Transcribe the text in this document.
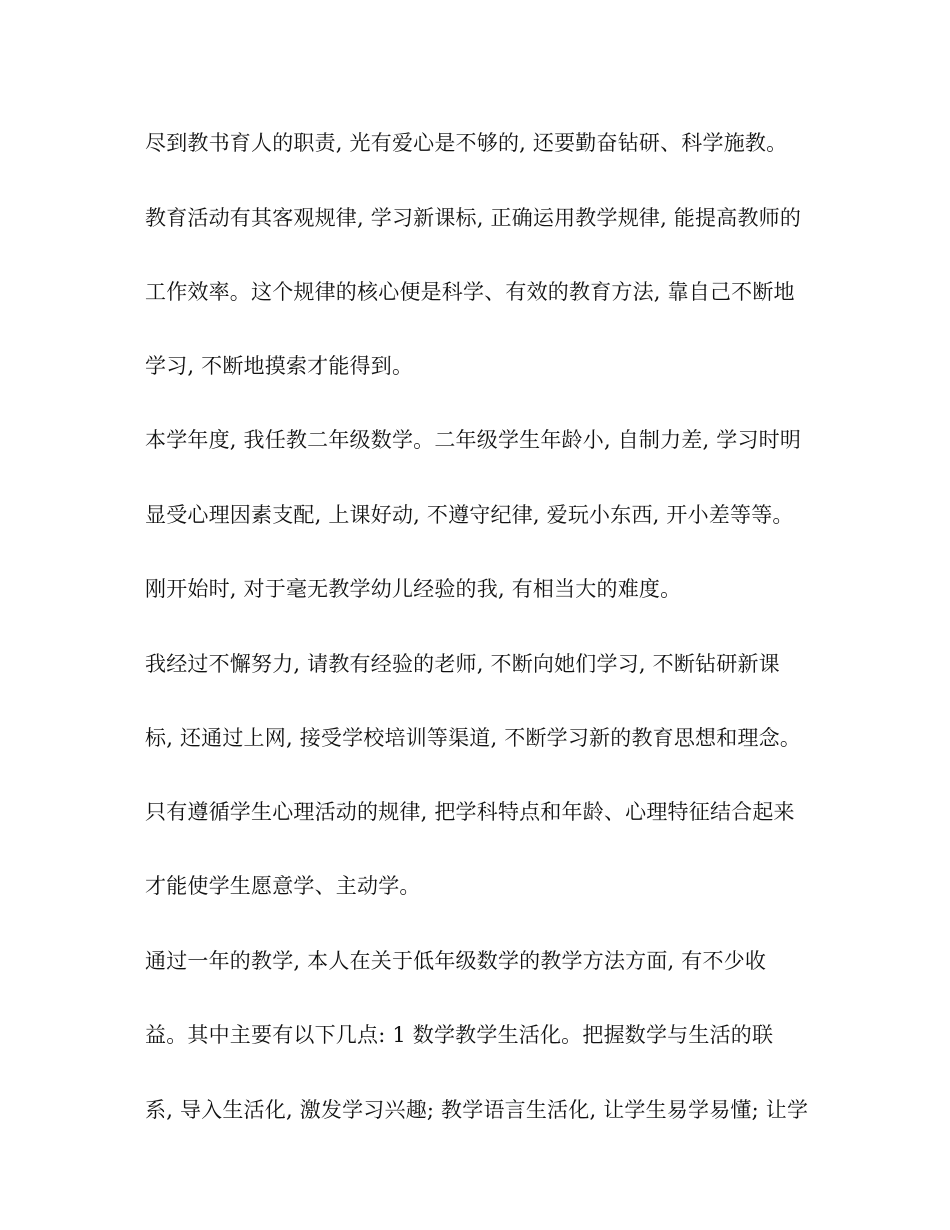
尽到教书育人的职责, 光有爱心是不够的, 还要勤奋钻研、科学施教。

教育活动有其客观规律, 学习新课标, 正确运用教学规律, 能提高教师的

工作效率。这个规律的核心便是科学、有效的教育方法, 靠自己不断地

学习, 不断地摸索才能得到。

本学年度, 我任教二年级数学。二年级学生年龄小, 自制力差, 学习时明

显受心理因素支配, 上课好动, 不遵守纪律, 爱玩小东西, 开小差等等。

刚开始时, 对于毫无教学幼儿经验的我, 有相当大的难度。

我经过不懈努力, 请教有经验的老师, 不断向她们学习, 不断钻研新课

标, 还通过上网, 接受学校培训等渠道, 不断学习新的教育思想和理念。

只有遵循学生心理活动的规律, 把学科特点和年龄、心理特征结合起来

才能使学生愿意学、主动学。

通过一年的教学, 本人在关于低年级数学的教学方法方面, 有不少收

益。其中主要有以下几点: 1 数学教学生活化。把握数学与生活的联

系, 导入生活化, 激发学习兴趣; 教学语言生活化, 让学生易学易懂; 让学
